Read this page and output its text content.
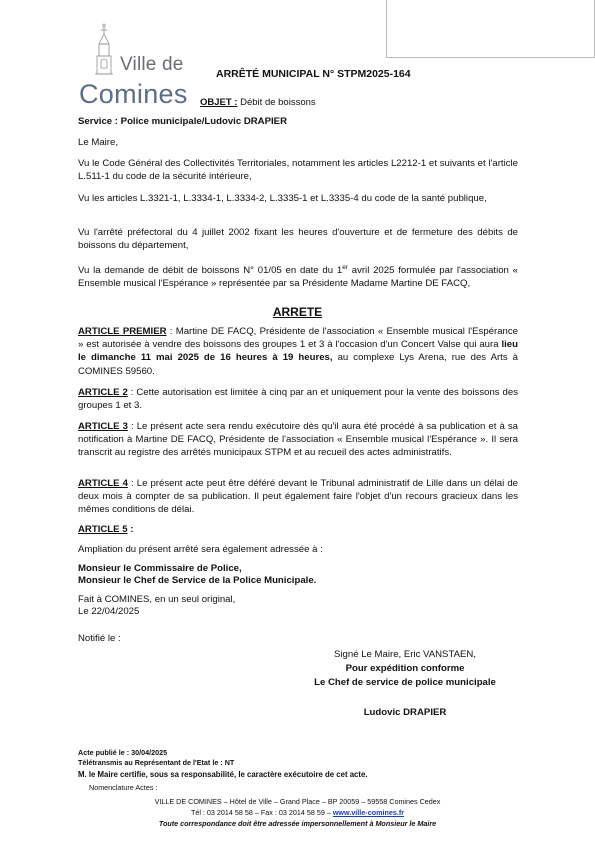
Ville de
Comines
ARRÊTÉ MUNICIPAL N° STPM2025-164
OBJET : Débit de boissons
Service : Police municipale/Ludovic DRAPIER
Le Maire,
Vu le Code Général des Collectivités Territoriales, notamment les articles L2212-1 et suivants et l'article L.511-1 du code de la sécurité intérieure,
Vu les articles L.3321-1, L.3334-1, L.3334-2, L.3335-1 et L.3335-4 du code de la santé publique,
Vu l'arrêté préfectoral du 4 juillet 2002 fixant les heures d'ouverture et de fermeture des débits de boissons du département,
Vu la demande de débit de boissons N° 01/05 en date du 1er avril 2025 formulée par l'association « Ensemble musical l'Espérance » représentée par sa Présidente Madame Martine DE FACQ,
ARRETE
ARTICLE PREMIER : Martine DE FACQ, Présidente de l'association « Ensemble musical l'Espérance » est autorisée à vendre des boissons des groupes 1 et 3 à l'occasion d'un Concert Valse qui aura lieu le dimanche 11 mai 2025 de 16 heures à 19 heures, au complexe Lys Arena, rue des Arts à COMINES 59560.
ARTICLE 2 : Cette autorisation est limitée à cinq par an et uniquement pour la vente des boissons des groupes 1 et 3.
ARTICLE 3 : Le présent acte sera rendu exécutoire dès qu'il aura été procédé à sa publication et à sa notification à Martine DE FACQ, Présidente de l'association « Ensemble musical l'Espérance ». Il sera transcrit au registre des arrêtés municipaux STPM et au recueil des actes administratifs.
ARTICLE 4 : Le présent acte peut être déféré devant le Tribunal administratif de Lille dans un délai de deux mois à compter de sa publication. Il peut également faire l'objet d'un recours gracieux dans les mêmes conditions de délai.
ARTICLE 5 :
Ampliation du présent arrêté sera également adressée à :
Monsieur le Commissaire de Police,
Monsieur le Chef de Service de la Police Municipale.
Fait à COMINES, en un seul original,
Le 22/04/2025
Notifié le :
Signé Le Maire, Eric VANSTAEN,
Pour expédition conforme
Le Chef de service de police municipale
Ludovic DRAPIER
Acte publié le : 30/04/2025
Télétransmis au Représentant de l'Etat le : NT
M. le Maire certifie, sous sa responsabilité, le caractère exécutoire de cet acte.
Nomenclature Actes :
VILLE DE COMINES – Hôtel de Ville – Grand Place – BP 20059 – 59558 Comines Cedex
Tél : 03 2014 58 58 – Fax : 03 2014 58 59 – www.ville-comines.fr
Toute correspondance doit être adressée impersonnellement à Monsieur le Maire
